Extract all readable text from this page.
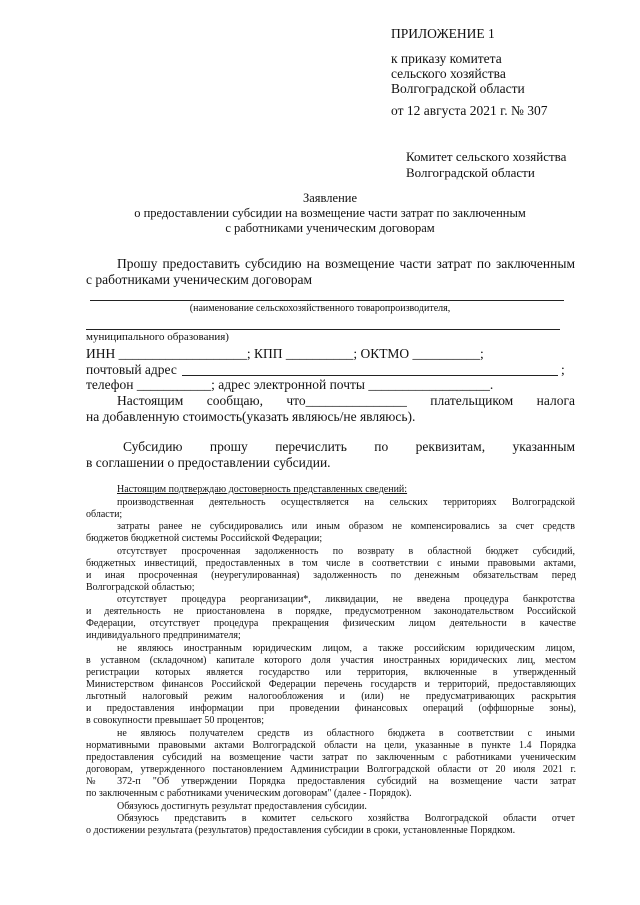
ПРИЛОЖЕНИЕ 1
к приказу комитета
сельского хозяйства
Волгоградской области
от 12 августа 2021 г. № 307
Комитет сельского хозяйства
Волгоградской области
Заявление
о предоставлении субсидии на возмещение части затрат по заключенным
с работниками ученическим договорам
Прошу предоставить субсидию на возмещение части затрат по заключенным
с работниками ученическим договорам
(наименование сельскохозяйственного товаропроизводителя,
муниципального образования)
ИНН ___________________; КПП __________; ОКТМО __________;
почтовый адрес	;
телефон ___________; адрес электронной почты __________________.
Настоящим сообщаю, что_______________ плательщиком налога
на добавленную стоимость(указать являюсь/не являюсь).
Субсидию прошу перечислить по реквизитам, указанным
в соглашении о предоставлении субсидии.
Настоящим подтверждаю достоверность представленных сведений:
производственная деятельность осуществляется на сельских территориях Волгоградской
области;
затраты ранее не субсидировались или иным образом не компенсировались за счет средств
бюджетов бюджетной системы Российской Федерации;
отсутствует просроченная задолженность по возврату в областной бюджет субсидий,
бюджетных инвестиций, предоставленных в том числе в соответствии с иными правовыми актами,
и иная просроченная (неурегулированная) задолженность по денежным обязательствам перед
Волгоградской областью;
отсутствует процедура реорганизации*, ликвидации, не введена процедура банкротства
и деятельность не приостановлена в порядке, предусмотренном законодательством Российской
Федерации, отсутствует процедура прекращения физическим лицом деятельности в качестве
индивидуального предпринимателя;
не являюсь иностранным юридическим лицом, а также российским юридическим лицом,
в уставном (складочном) капитале которого доля участия иностранных юридических лиц, местом
регистрации которых является государство или территория, включенные в утвержденный
Министерством финансов Российской Федерации перечень государств и территорий, предоставляющих
льготный налоговый режим налогообложения и (или) не предусматривающих раскрытия
и предоставления информации при проведении финансовых операций (оффшорные зоны),
в совокупности превышает 50 процентов;
не являюсь получателем средств из областного бюджета в соответствии с иными
нормативными правовыми актами Волгоградской области на цели, указанные в пункте 1.4 Порядка
предоставления субсидий на возмещение части затрат по заключенным с работниками ученическим
договорам, утвержденного постановлением Администрации Волгоградской области от 20 июля 2021 г.
№ 372-п "Об утверждении Порядка предоставления субсидий на возмещение части затрат
по заключенным с работниками ученическим договорам" (далее - Порядок).
Обязуюсь достигнуть результат предоставления субсидии.
Обязуюсь представить в комитет сельского хозяйства Волгоградской области отчет
о достижении результата (результатов) предоставления субсидии в сроки, установленные Порядком.
